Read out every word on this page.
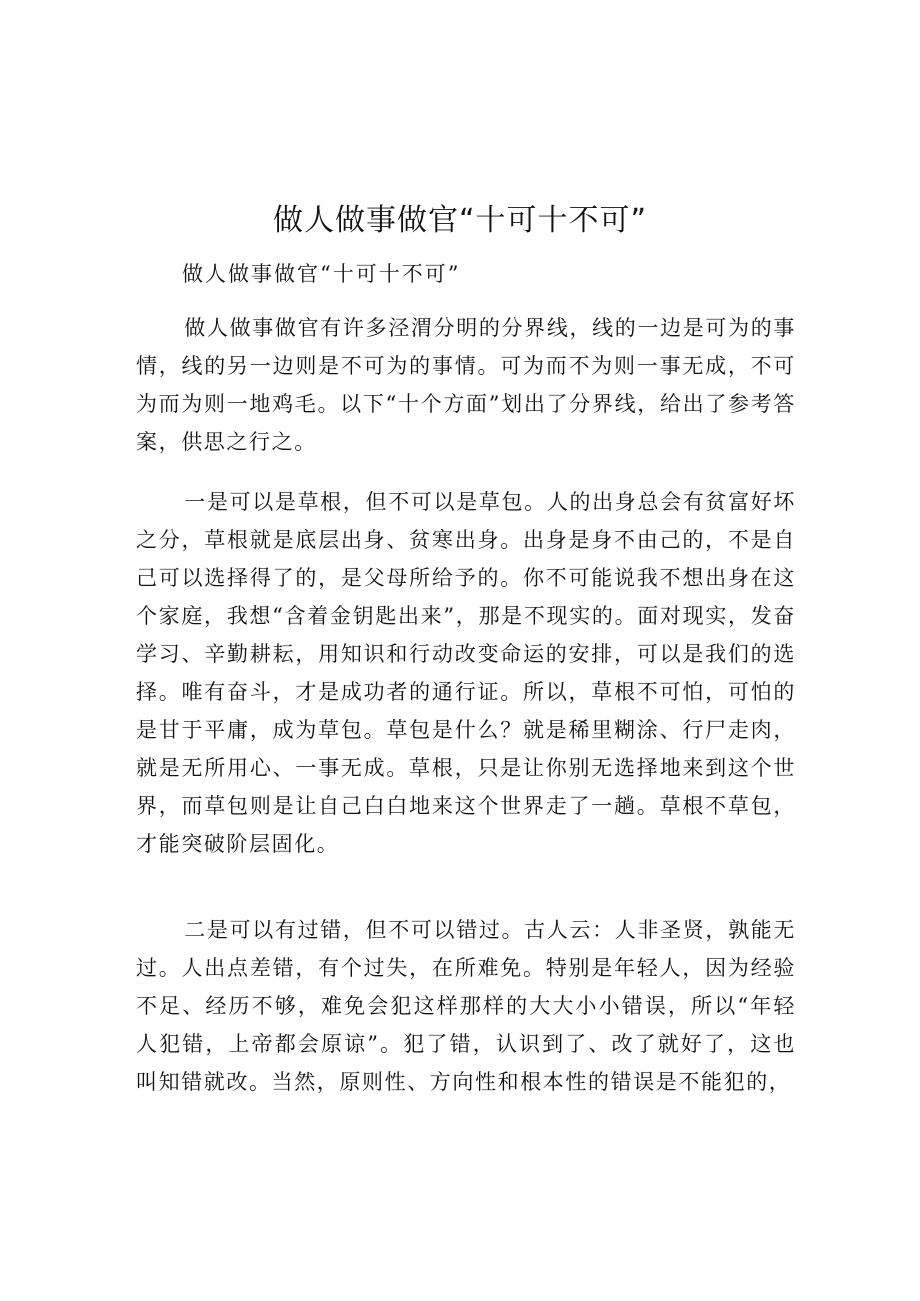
做人做事做官“十可十不可”
做人做事做官“十可十不可”

做人做事做官有许多泾渭分明的分界线，线的一边是可为的事情，线的另一边则是不可为的事情。可为而不为则一事无成，不可为而为则一地鸡毛。以下“十个方面”划出了分界线，给出了参考答案，供思之行之。

一是可以是草根，但不可以是草包。人的出身总会有贫富好坏之分，草根就是底层出身、贫寒出身。出身是身不由己的，不是自己可以选择得了的，是父母所给予的。你不可能说我不想出身在这个家庭，我想“含着金钥匙出来”，那是不现实的。面对现实，发奋学习、辛勤耕耘，用知识和行动改变命运的安排，可以是我们的选择。唯有奋斗，才是成功者的通行证。所以，草根不可怕，可怕的是甘于平庸，成为草包。草包是什么？就是稀里糊涂、行尸走肉，就是无所用心、一事无成。草根，只是让你别无选择地来到这个世界，而草包则是让自己白白地来这个世界走了一趟。草根不草包，才能突破阶层固化。

二是可以有过错，但不可以错过。古人云：人非圣贤，孰能无过。人出点差错，有个过失，在所难免。特别是年轻人，因为经验不足、经历不够，难免会犯这样那样的大大小小错误，所以“年轻人犯错，上帝都会原谅”。犯了错，认识到了、改了就好了，这也叫知错就改。当然，原则性、方向性和根本性的错误是不能犯的，
